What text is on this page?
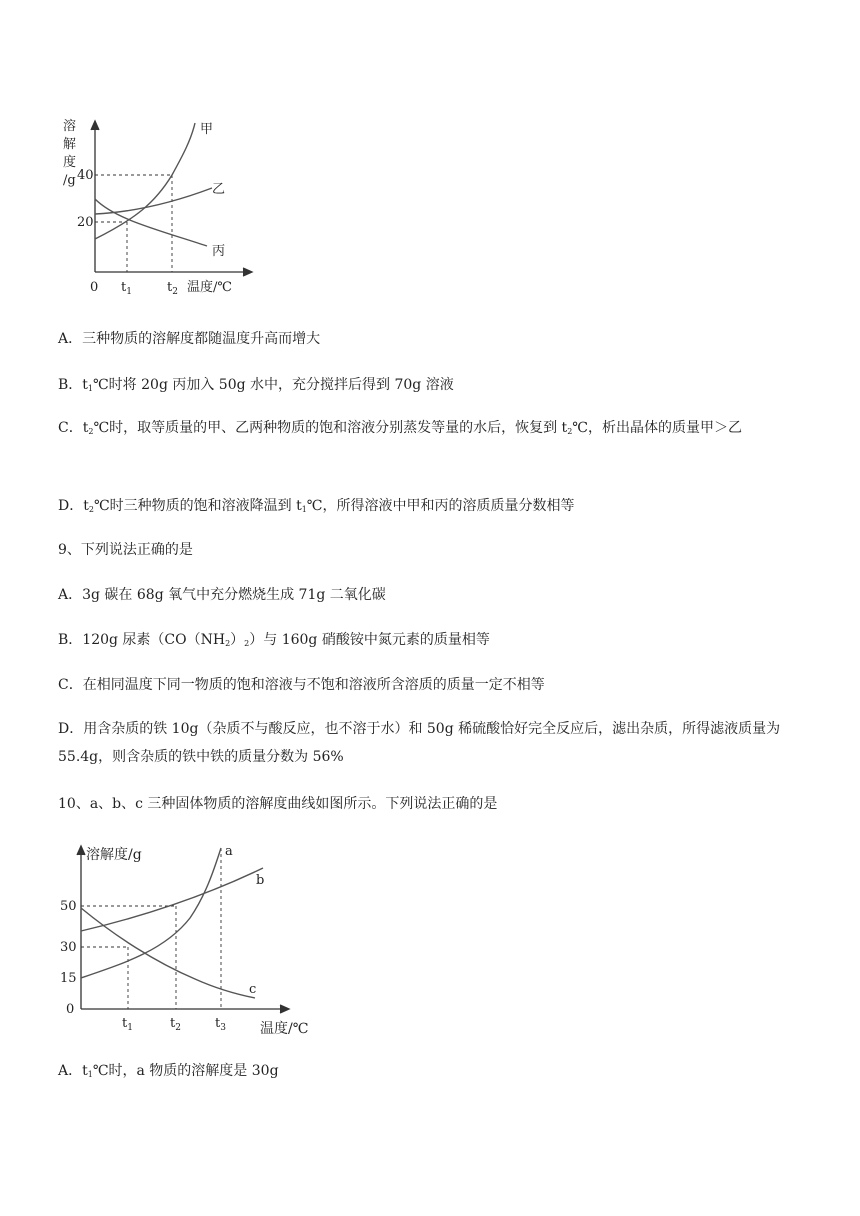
溶
解
度
/g 40
20
0 $t_1$	$t_2$ 温度/℃
甲
乙
丙
A．三种物质的溶解度都随温度升高而增大
B．$t_1℃$时将 20g 丙加入 50g 水中，充分搅拌后得到 70g 溶液
C．$t_2℃$时，取等质量的甲、乙两种物质的饱和溶液分别蒸发等量的水后，恢复到 $t_2℃$，析出晶体的质量甲＞乙
D．$t_2℃$时三种物质的饱和溶液降温到 $t_1℃$，所得溶液中甲和丙的溶质质量分数相等
9、下列说法正确的是
A．3g 碳在 68g 氧气中充分燃烧生成 71g 二氧化碳
B．120g 尿素$(CO(NH_2)_2)$与 160g 硝酸铵中氮元素的质量相等
C．在相同温度下同一物质的饱和溶液与不饱和溶液所含溶质的质量一定不相等
D．用含杂质的铁 10g（杂质不与酸反应，也不溶于水）和 50g 稀硫酸恰好完全反应后，滤出杂质，所得滤液质量为 55.4g，则含杂质的铁中铁的质量分数为 56%
10、a、b、c 三种固体物质的溶解度曲线如图所示。下列说法正确的是
溶解度/g
50
30
15
0
$t_1$	$t_2$	$t_3$ 温度/℃
a
b
c
A．$t_1℃$时，a 物质的溶解度是 30g
